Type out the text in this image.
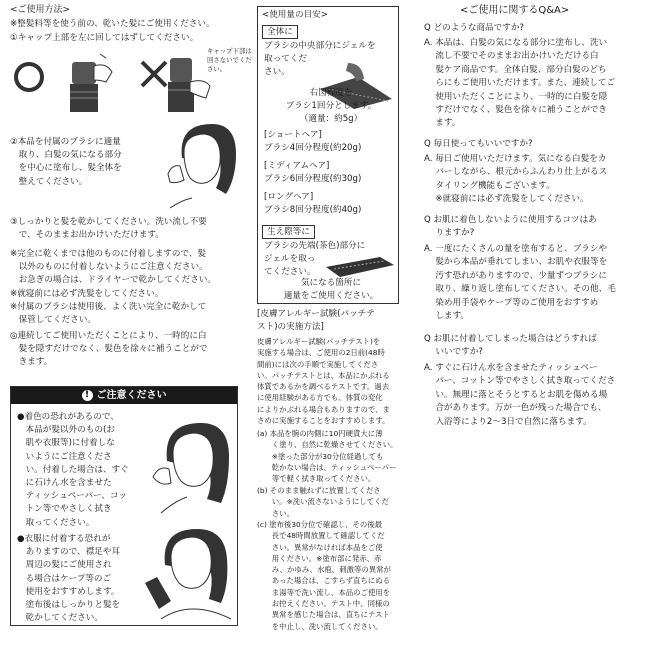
<ご使用方法>
※整髪料等を使う前の、乾いた髪にご使用ください。
①キャップ上部を左に回してはずしてください。
キャップ下部は
回さないでくだ
さい。
②本品を付属のブラシに適量
　取り、白髪の気になる部分
　を中心に塗布し、髪全体を
　整えてください。
③しっかりと髪を乾かしてください。洗い流し不要
　で、そのままお出かけいただけます。
※完全に乾くまでは他のものに付着しますので、髪
　以外のものに付着しないようにご注意ください。
　お急ぎの場合は、ドライヤーで乾かしてください。
※就寝前には必ず洗髪をしてください。
※付属のブラシは使用後、よく洗い完全に乾かして
　保管してください。
◎連続してご使用いただくことにより、一時的に白
　髪を隠すだけでなく、髪色を徐々に補うことがで
　きます。
! ご注意ください
●着色の恐れがあるので、
　本品が髪以外のもの(お
　肌や衣服等)に付着しな
　いようにご注意くださ
　い。付着した場合は、すぐ
　に石けん水を含ませた
　ティッシュペーパー、コッ
　トン等でやさしく拭き
　取ってください。
●衣服に付着する恐れが
　ありますので、襟足や耳
　周辺の髪にご使用され
　る場合はケープ等のご
　使用をおすすめします。
　塗布後はしっかりと髪を
　乾かしてください。
<使用量の目安>
全体に
ブラシの中央部分にジェルを
取ってくだ
さい。
右図程度を
ブラシ1回分とします。
（適量：約5g）
[ショートヘア]
ブラシ4回分程度(約20g)
[ミディアムヘア]
ブラシ6回分程度(約30g)
[ロングヘア]
ブラシ8回分程度(約40g)
生え際等に
ブラシの先端(茶色)部分に
ジェルを取っ
てください。
気になる箇所に
適量をご使用ください。
[皮膚アレルギー試験(パッチテ
スト)の実施方法]
皮膚アレルギー試験(パッチテスト)を
実施する場合は、ご使用の2日前(48時
間前)には次の手順で実施してくださ
い。パッチテストとは、本品にかぶれる
体質であるかを調べるテストです。過去
に使用経験がある方でも、体質の変化
によりかぶれる場合もありますので、ま
さめに実施することをおすすめします。
(a) 本品を腕の内側に10円硬貨大に薄
　　く塗り、自然に乾燥させてください。
　　※塗った部分が30分位経過しても
　　乾かない場合は、ティッシュペーパー
　　等で軽く拭き取ってください。
(b) そのまま触れずに放置してくださ
　　い。※洗い流さないようにしてくだ
　　さい。
(c) 塗布後30分位で確認し、その後最
　　長で48時間放置して確認してくだ
　　さい。異常がなければ本品をご使
　　用ください。※塗布部に発赤、赤
　　み、かゆみ、水疱、刺激等の異常が
　　あった場合は、こすらず直ちにぬる
　　ま湯等で洗い流し、本品のご使用を
　　お控えください。テスト中、同様の
　　異常を感じた場合は、直ちにテスト
　　を中止し、洗い流してください。
<ご使用に関するQ&A>
Q どのような商品ですか?
A. 本品は、白髪の気になる部分に塗布し、洗い
　 流し不要でそのままお出かけいただける白
　 髪ケア商品です。全体白髪、部分白髪のどち
　 らにもご使用いただけます。また、連続してご
　 使用いただくことにより、一時的に白髪を隠
　 すだけでなく、髪色を徐々に補うことができ
　 ます。
Q 毎日使ってもいいですか?
A. 毎日ご使用いただけます。気になる白髪をカ
　 バーしながら、根元からふんわり仕上がるス
　 タイリング機能もございます。
　 ※就寝前には必ず洗髪をしてください。
Q お肌に着色しないように使用するコツはあ
　 りますか?
A. 一度にたくさんの量を塗布すると、ブラシや
　 髪から本品が垂れてしまい、お肌や衣服等を
　 汚す恐れがありますので、少量ずつブラシに
　 取り、繰り返し塗布してください。その他、毛
　 染め用手袋やケープ等のご使用をおすすめ
　 します。
Q お肌に付着してしまった場合はどうすれば
　 いいですか?
A. すぐに石けん水を含ませたティッシュペー
　 パー、コットン等でやさしく拭き取ってくださ
　 い。無理に落とそうとするとお肌を傷める場
　 合があります。万が一色が残った場合でも、
　 入浴等により2～3日で自然に落ちます。
